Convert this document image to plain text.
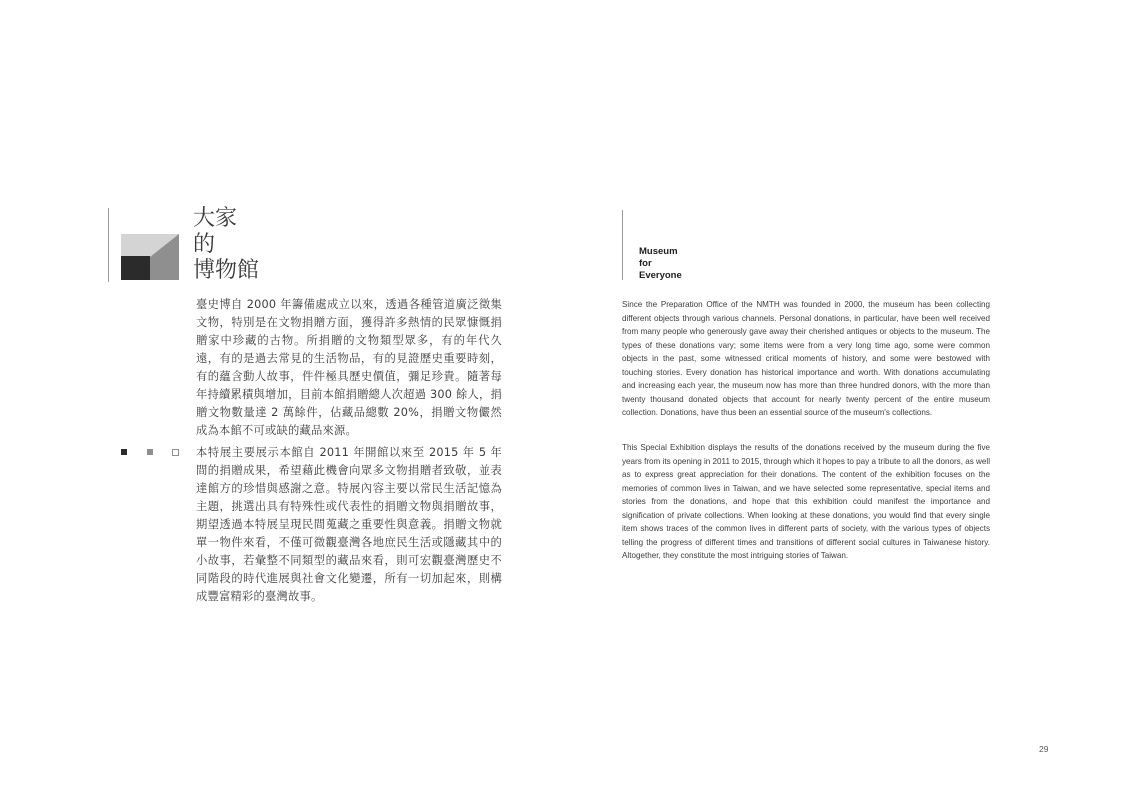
大家
的
博物館
Museum
for
Everyone

臺史博自 2000 年籌備處成立以來，透過各種管道廣泛徵集文物，特別是在文物捐贈方面，獲得許多熱情的民眾慷慨捐贈家中珍藏的古物。所捐贈的文物類型眾多，有的年代久遠，有的是過去常見的生活物品，有的見證歷史重要時刻，有的蘊含動人故事，件件極具歷史價值，彌足珍貴。隨著每年持續累積與增加，目前本館捐贈總人次超過 300 餘人，捐贈文物數量達 2 萬餘件，佔藏品總數 20%，捐贈文物儼然成為本館不可或缺的藏品來源。

本特展主要展示本館自 2011 年開館以來至 2015 年 5 年間的捐贈成果，希望藉此機會向眾多文物捐贈者致敬，並表達館方的珍惜與感謝之意。特展內容主要以常民生活記憶為主題，挑選出具有特殊性或代表性的捐贈文物與捐贈故事，期望透過本特展呈現民間蒐藏之重要性與意義。捐贈文物就單一物件來看，不僅可微觀臺灣各地庶民生活或隱藏其中的小故事，若彙整不同類型的藏品來看，則可宏觀臺灣歷史不同階段的時代進展與社會文化變遷，所有一切加起來，則構成豐富精彩的臺灣故事。

Since the Preparation Office of the NMTH was founded in 2000, the museum has been collecting different objects through various channels. Personal donations, in particular, have been well received from many people who generously gave away their cherished antiques or objects to the museum. The types of these donations vary; some items were from a very long time ago, some were common objects in the past, some witnessed critical moments of history, and some were bestowed with touching stories. Every donation has historical importance and worth. With donations accumulating and increasing each year, the museum now has more than three hundred donors, with the more than twenty thousand donated objects that account for nearly twenty percent of the entire museum collection. Donations, have thus been an essential source of the museum's collections.

This Special Exhibition displays the results of the donations received by the museum during the five years from its opening in 2011 to 2015, through which it hopes to pay a tribute to all the donors, as well as to express great appreciation for their donations. The content of the exhibition focuses on the memories of common lives in Taiwan, and we have selected some representative, special items and stories from the donations, and hope that this exhibition could manifest the importance and signification of private collections. When looking at these donations, you would find that every single item shows traces of the common lives in different parts of society, with the various types of objects telling the progress of different times and transitions of different social cultures in Taiwanese history. Altogether, they constitute the most intriguing stories of Taiwan.

29
